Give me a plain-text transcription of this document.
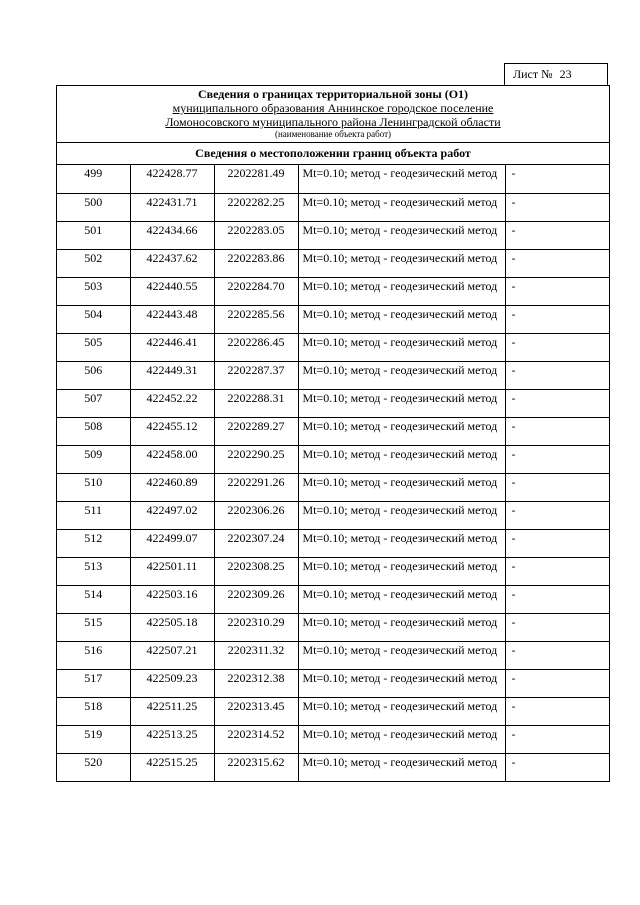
Лист № 23
Сведения о границах территориальной зоны (О1)
муниципального образования Аннинское городское поселение
Ломоносовского муниципального района Ленинградской области
(наименование объекта работ)
Сведения о местоположении границ объекта работ
499	422428.77	2202281.49	Mt=0.10; метод - геодезический метод	-
500	422431.71	2202282.25	Mt=0.10; метод - геодезический метод	-
501	422434.66	2202283.05	Mt=0.10; метод - геодезический метод	-
502	422437.62	2202283.86	Mt=0.10; метод - геодезический метод	-
503	422440.55	2202284.70	Mt=0.10; метод - геодезический метод	-
504	422443.48	2202285.56	Mt=0.10; метод - геодезический метод	-
505	422446.41	2202286.45	Mt=0.10; метод - геодезический метод	-
506	422449.31	2202287.37	Mt=0.10; метод - геодезический метод	-
507	422452.22	2202288.31	Mt=0.10; метод - геодезический метод	-
508	422455.12	2202289.27	Mt=0.10; метод - геодезический метод	-
509	422458.00	2202290.25	Mt=0.10; метод - геодезический метод	-
510	422460.89	2202291.26	Mt=0.10; метод - геодезический метод	-
511	422497.02	2202306.26	Mt=0.10; метод - геодезический метод	-
512	422499.07	2202307.24	Mt=0.10; метод - геодезический метод	-
513	422501.11	2202308.25	Mt=0.10; метод - геодезический метод	-
514	422503.16	2202309.26	Mt=0.10; метод - геодезический метод	-
515	422505.18	2202310.29	Mt=0.10; метод - геодезический метод	-
516	422507.21	2202311.32	Mt=0.10; метод - геодезический метод	-
517	422509.23	2202312.38	Mt=0.10; метод - геодезический метод	-
518	422511.25	2202313.45	Mt=0.10; метод - геодезический метод	-
519	422513.25	2202314.52	Mt=0.10; метод - геодезический метод	-
520	422515.25	2202315.62	Mt=0.10; метод - геодезический метод	-
